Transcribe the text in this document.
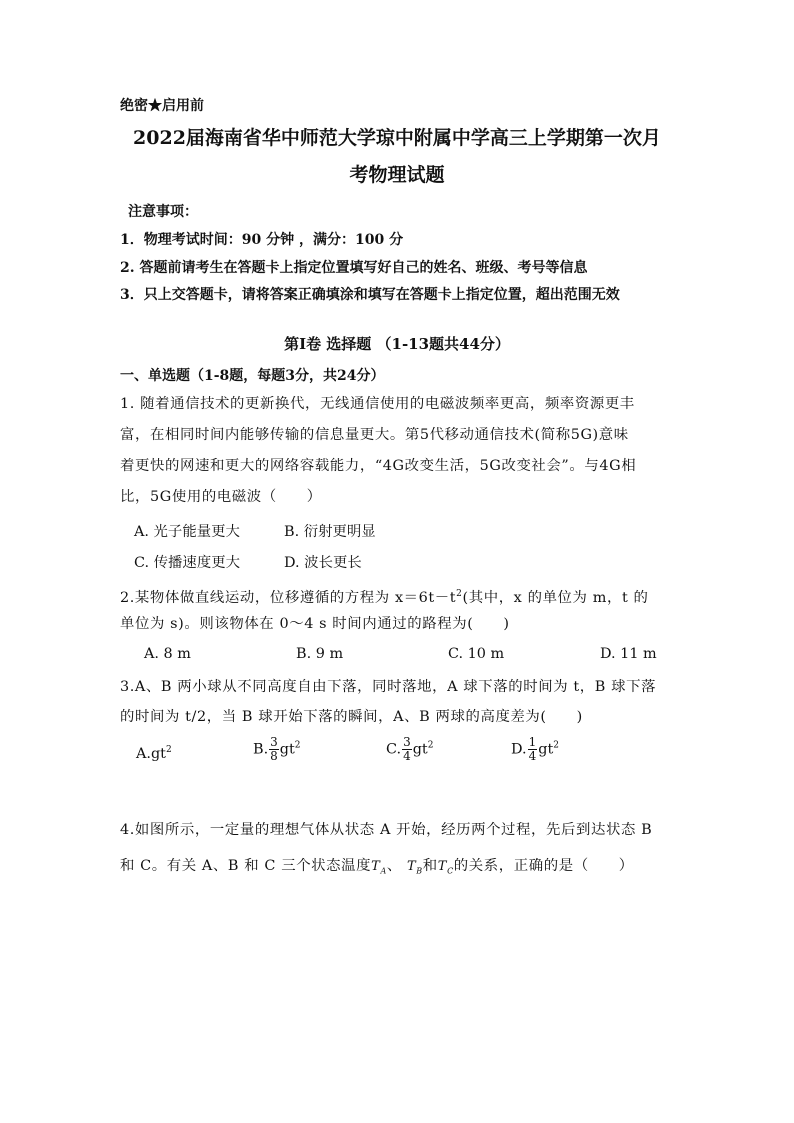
绝密★启用前
2022届海南省华中师范大学琼中附属中学高三上学期第一次月
考物理试题
注意事项：
1．物理考试时间：90 分钟 ，满分：100 分
2. 答题前请考生在答题卡上指定位置填写好自己的姓名、班级、考号等信息
3．只上交答题卡，请将答案正确填涂和填写在答题卡上指定位置，超出范围无效
第Ⅰ卷 选择题 （1-13题共44分）
一、单选题（1-8题，每题3分，共24分）
1. 随着通信技术的更新换代，无线通信使用的电磁波频率更高，频率资源更丰
富，在相同时间内能够传输的信息量更大。第5代移动通信技术(简称5G)意味
着更快的网速和更大的网络容载能力，“4G改变生活，5G改变社会”。与4G相
比，5G使用的电磁波（　　）
A. 光子能量更大	B. 衍射更明显
C. 传播速度更大	D. 波长更长
2.某物体做直线运动，位移遵循的方程为 $x=6t-t^2$(其中，x 的单位为 m，t 的
单位为 s)。则该物体在 0～4 s 时间内通过的路程为(　　)
A. 8 m	B. 9 m	C. 10 m	D. 11 m
3.A、B 两小球从不同高度自由下落，同时落地，A 球下落的时间为 t，B 球下落
的时间为 t/2，当 B 球开始下落的瞬间，A、B 两球的高度差为(　　)
$A.gt^2$	B. $\frac{3}{8} gt^2$	C. $\frac{3}{4} gt^2$	D. $\frac{1}{4} gt^2$
4.如图所示，一定量的理想气体从状态 A 开始，经历两个过程，先后到达状态 B
和 C。有关 A、B 和 C 三个状态温度$T_A$、 $T_B$和$T_C$的关系，正确的是（　　）
